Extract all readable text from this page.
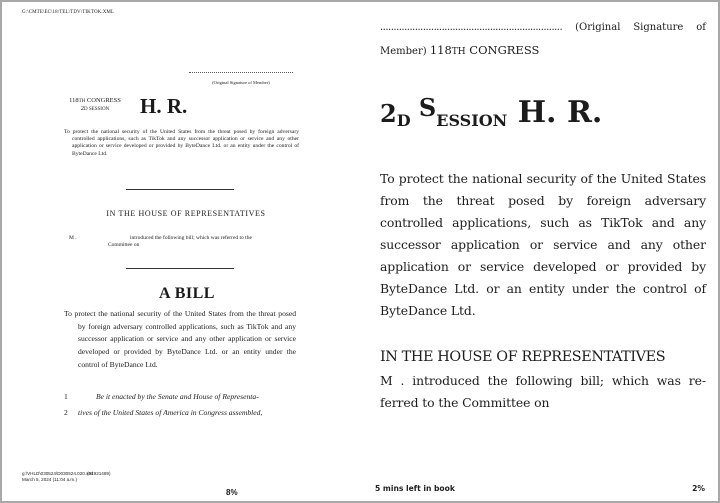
G:\CMTE\EC\18\TEL\TDV\TIKTOK.XML
(Original Signature of Member)
118TH CONGRESS
2D SESSION	H. R.
To protect the national security of the United States from the threat posed by foreign adversary controlled applications, such as TikTok and any successor application or service and any other application or service developed or provided by ByteDance Ltd. or an entity under the control of ByteDance Ltd.
IN THE HOUSE OF REPRESENTATIVES
M .	introduced the following bill; which was referred to the
Committee on
A BILL
To protect the national security of the United States from the threat posed by foreign adversary controlled applications, such as TikTok and any successor application or service and any other application or service developed or provided by ByteDance Ltd. or an entity under the control of ByteDance Ltd.
1	Be it enacted by the Senate and House of Representa-
2 tives of the United States of America in Congress assembled,
g:\VHLD\030524\D030524.020.xml
March 5, 2024 (11:04 a.m.)
(91921489)
8%
.................................................................... (Original Signature of Member) 118TH CONGRESS
$2_D$ $S_{ESSION}$ H. R.
To protect the national security of the United States from the threat posed by foreign adversary controlled applications, such as TikTok and any successor application or service and any other application or service developed or provided by ByteDance Ltd. or an entity under the control of ByteDance Ltd.
IN THE HOUSE OF REPRESENTATIVES
M . introduced the following bill; which was referred to the Committee on
5 mins left in book	2%
